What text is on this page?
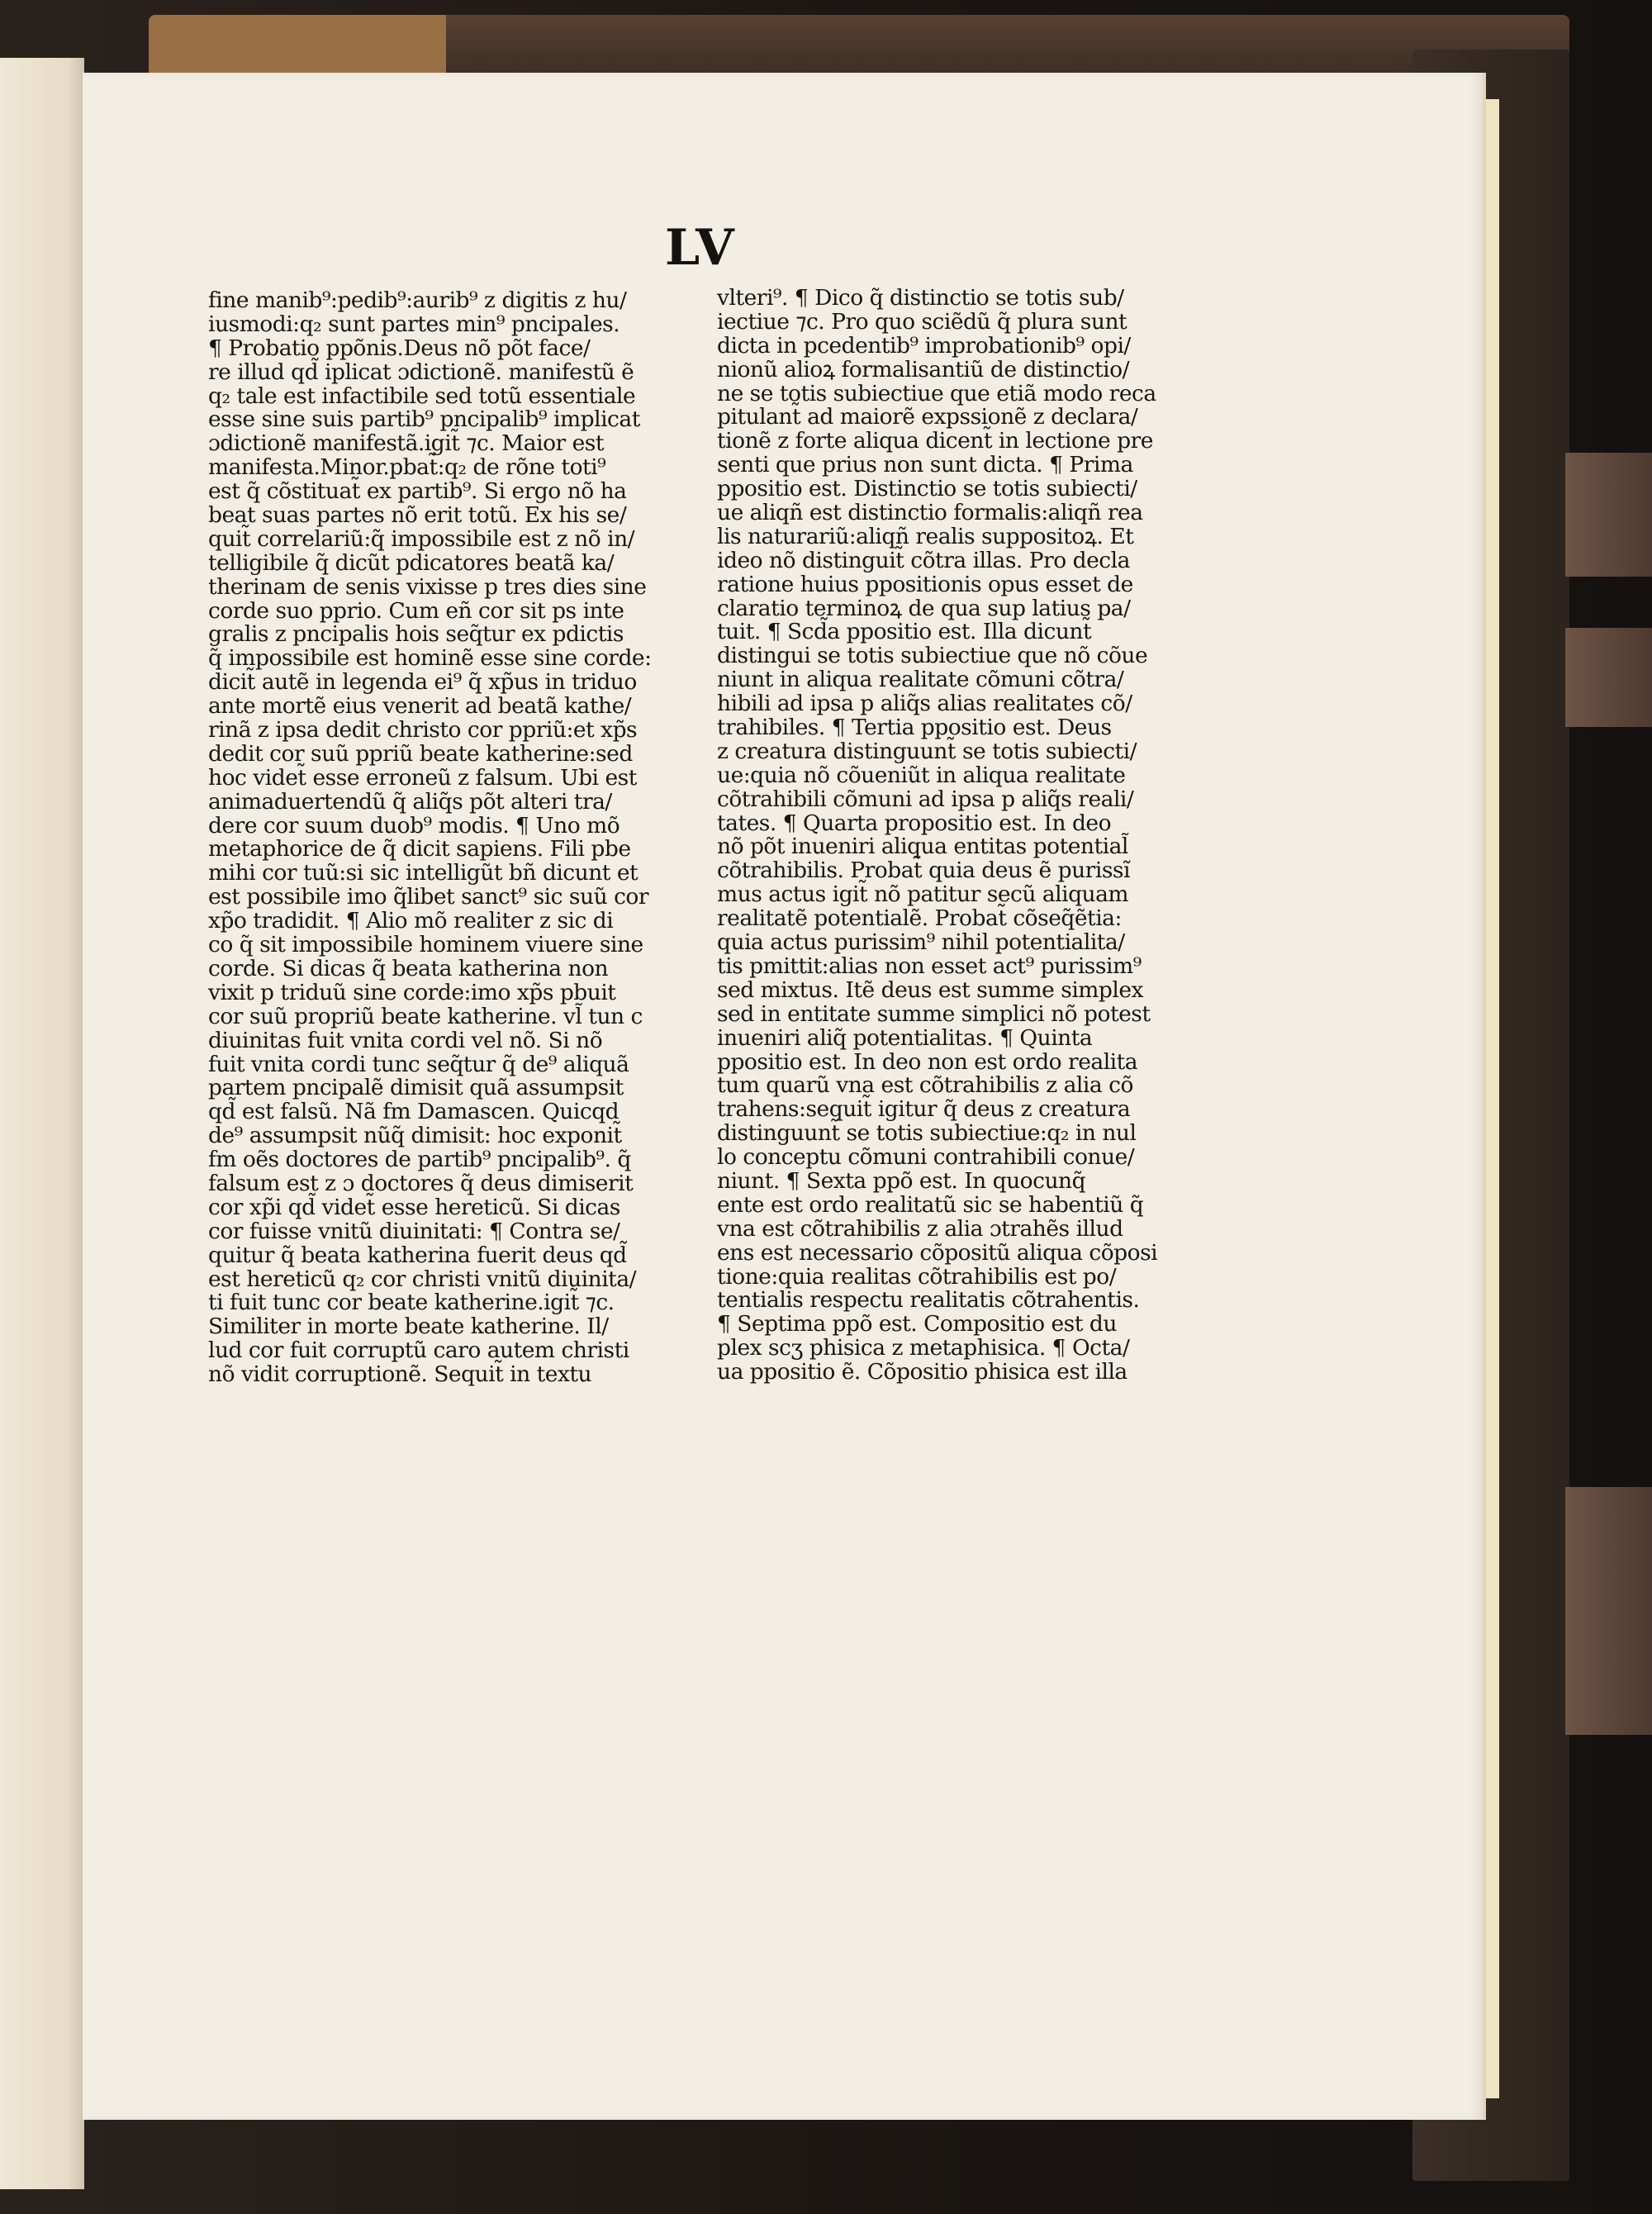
LV
fine manib⁹:pedib⁹:aurib⁹ z digitis z hu/
iusmodi:q₂ sunt partes min⁹ pncipales.
¶ Probatio ppõnis.Deus nõ põt face/
re illud qd̃ iplicat ɔdictionẽ. manifestũ ẽ
q₂ tale est infactibile sed totũ essentiale
esse sine suis partib⁹ pncipalib⁹ implicat
ɔdictionẽ manifestã.igit̃ ⁊c. Maior est
manifesta.Minor.pbat̃:q₂ de rõne toti⁹
est q̃ cõstituat̃ ex partib⁹. Si ergo nõ ha
beat suas partes nõ erit totũ. Ex his se/
quit̃ correlariũ:q̃ impossibile est z nõ in/
telligibile q̃ dicũt pdicatores beatã ka/
therinam de senis vixisse p tres dies sine
corde suo pprio. Cum eñ cor sit ps inte
gralis z pncipalis hois seq̃tur ex pdictis
q̃ impossibile est hominẽ esse sine corde:
dicit̃ autẽ in legenda ei⁹ q̃ xp̃us in triduo
ante mortẽ eius venerit ad beatã kathe/
rinã z ipsa dedit christo cor ppriũ:et xp̃s
dedit cor suũ ppriũ beate katherine:sed
hoc videt̃ esse erroneũ z falsum. Ubi est
animaduertendũ q̃ aliq̃s põt alteri tra/
dere cor suum duob⁹ modis. ¶ Uno mõ
metaphorice de q̃ dicit sapiens. Fili pbe
mihi cor tuũ:si sic intelligũt bñ dicunt et
est possibile imo q̃libet sanct⁹ sic suũ cor
xp̃o tradidit. ¶ Alio mõ realiter z sic di
co q̃ sit impossibile hominem viuere sine
corde. Si dicas q̃ beata katherina non
vixit p triduũ sine corde:imo xp̃s pbuit
cor suũ propriũ beate katherine. vl̃ tun c
diuinitas fuit vnita cordi vel nõ. Si nõ
fuit vnita cordi tunc seq̃tur q̃ de⁹ aliquã
partem pncipalẽ dimisit quã assumpsit
qd̃ est falsũ. Nã fm Damascen. Quicqd
de⁹ assumpsit nũq̃ dimisit: hoc exponit̃
fm oẽs doctores de partib⁹ pncipalib⁹. q̃
falsum est z ɔ doctores q̃ deus dimiserit
cor xp̃i qd̃ videt̃ esse hereticũ. Si dicas
cor fuisse vnitũ diuinitati: ¶ Contra se/
quitur q̃ beata katherina fuerit deus qd̃
est hereticũ q₂ cor christi vnitũ diuinita/
ti fuit tunc cor beate katherine.igit̃ ⁊c.
Similiter in morte beate katherine. Il/
lud cor fuit corruptũ caro autem christi
nõ vidit corruptionẽ. Sequit̃ in textu
vlteri⁹. ¶ Dico q̃ distinctio se totis sub/
iectiue ⁊c. Pro quo sciẽdũ q̃ plura sunt
dicta in pcedentib⁹ improbationib⁹ opi/
nionũ alioꝝ formalisantiũ de distinctio/
ne se totis subiectiue que etiã modo reca
pitulant̃ ad maiorẽ expssionẽ z declara/
tionẽ z forte aliqua dicent̃ in lectione pre
senti que prius non sunt dicta. ¶ Prima
ppositio est. Distinctio se totis subiecti/
ue aliqñ est distinctio formalis:aliqñ rea
lis naturariũ:aliqñ realis suppositoꝝ. Et
ideo nõ distinguit̃ cõtra illas. Pro decla
ratione huius ppositionis opus esset de
claratio terminoꝝ de qua sup latius pa/
tuit. ¶ Scd̃a ppositio est. Illa dicunt̃
distingui se totis subiectiue que nõ cõue
niunt in aliqua realitate cõmuni cõtra/
hibili ad ipsa p aliq̃s alias realitates cõ/
trahibiles. ¶ Tertia ppositio est. Deus
z creatura distinguunt̃ se totis subiecti/
ue:quia nõ cõueniũt in aliqua realitate
cõtrahibili cõmuni ad ipsa p aliq̃s reali/
tates. ¶ Quarta propositio est. In deo
nõ põt inueniri aliqua entitas potential̃
cõtrahibilis. Probat̃ quia deus ẽ purissĩ
mus actus igit̃ nõ patitur secũ aliquam
realitatẽ potentialẽ. Probat̃ cõseq̃ẽtia:
quia actus purissim⁹ nihil potentialita/
tis pmittit:alias non esset act⁹ purissim⁹
sed mixtus. Itẽ deus est summe simplex
sed in entitate summe simplici nõ potest
inueniri aliq̃ potentialitas. ¶ Quinta
ppositio est. In deo non est ordo realita
tum quarũ vna est cõtrahibilis z alia cõ
trahens:sequit̃ igitur q̃ deus z creatura
distinguunt̃ se totis subiectiue:q₂ in nul
lo conceptu cõmuni contrahibili conue/
niunt. ¶ Sexta ppõ est. In quocunq̃
ente est ordo realitatũ sic se habentiũ q̃
vna est cõtrahibilis z alia ɔtrahẽs illud
ens est necessario cõpositũ aliqua cõposi
tione:quia realitas cõtrahibilis est po/
tentialis respectu realitatis cõtrahentis.
¶ Septima ppõ est. Compositio est du
plex scʒ phisica z metaphisica. ¶ Octa/
ua ppositio ẽ. Cõpositio phisica est illa
